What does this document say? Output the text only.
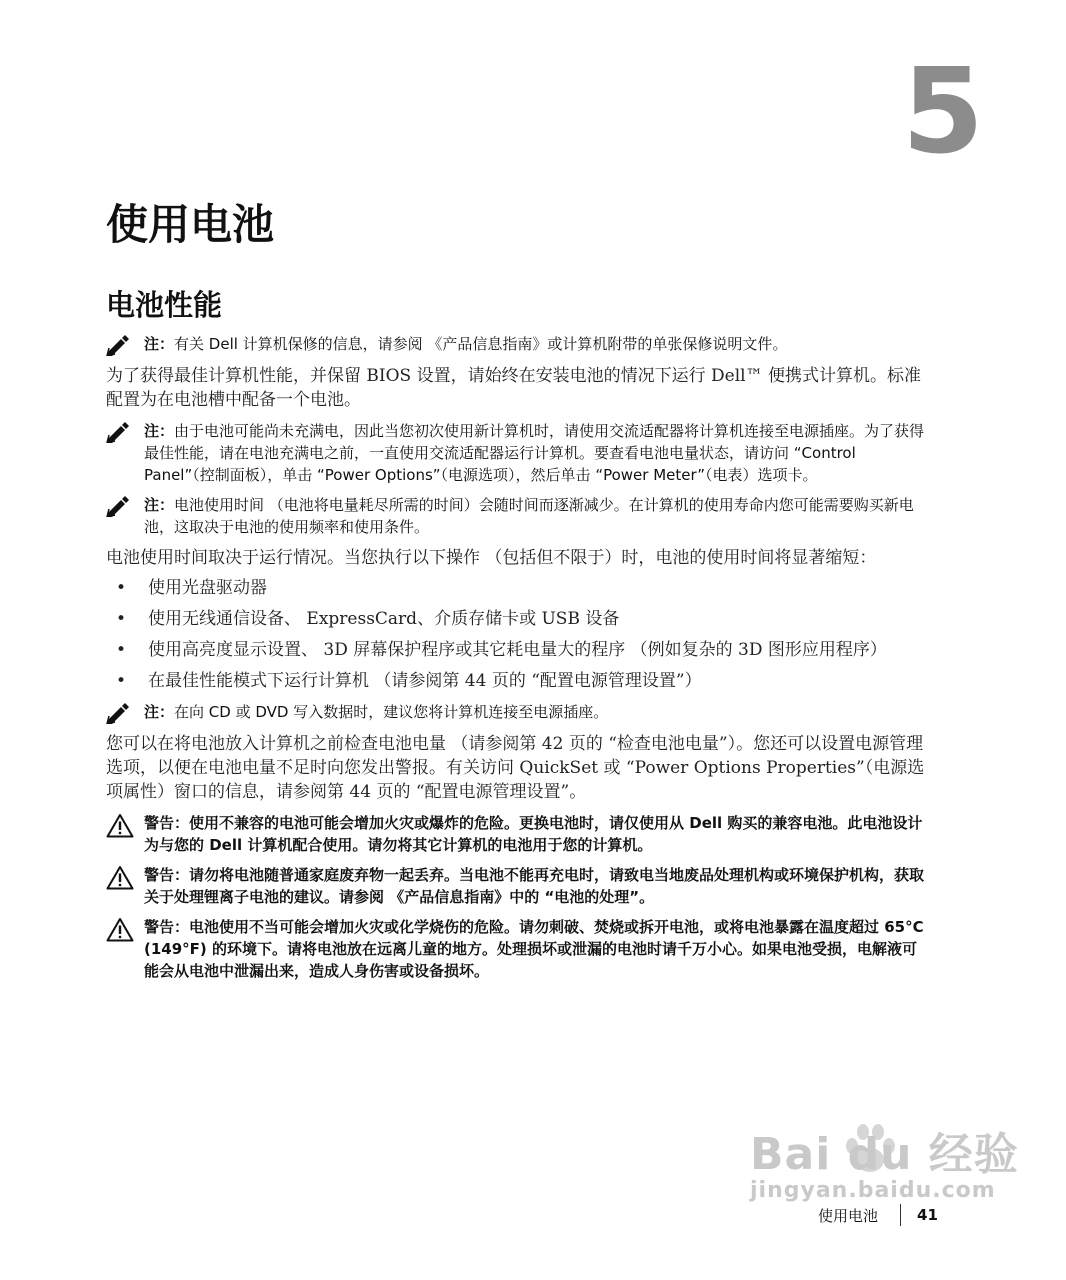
5
使用电池
电池性能
注：有关 Dell 计算机保修的信息，请参阅 《产品信息指南》或计算机附带的单张保修说明文件。

为了获得最佳计算机性能，并保留 BIOS 设置，请始终在安装电池的情况下运行 Dell™ 便携式计算机。标准配置为在电池槽中配备一个电池。

注：由于电池可能尚未充满电，因此当您初次使用新计算机时，请使用交流适配器将计算机连接至电源插座。为了获得最佳性能，请在电池充满电之前，一直使用交流适配器运行计算机。要查看电池电量状态，请访问 “Control Panel”（控制面板），单击 “Power Options”（电源选项），然后单击 “Power Meter”（电表）选项卡。
注：电池使用时间 （电池将电量耗尽所需的时间）会随时间而逐渐减少。在计算机的使用寿命内您可能需要购买新电池，这取决于电池的使用频率和使用条件。

电池使用时间取决于运行情况。当您执行以下操作 （包括但不限于）时，电池的使用时间将显著缩短：

• 使用光盘驱动器
• 使用无线通信设备、 ExpressCard、介质存储卡或 USB 设备
• 使用高亮度显示设置、 3D 屏幕保护程序或其它耗电量大的程序 （例如复杂的 3D 图形应用程序）
• 在最佳性能模式下运行计算机 （请参阅第 44 页的 “配置电源管理设置”）
注：在向 CD 或 DVD 写入数据时，建议您将计算机连接至电源插座。

您可以在将电池放入计算机之前检查电池电量 （请参阅第 42 页的 “检查电池电量”）。您还可以设置电源管理选项，以便在电池电量不足时向您发出警报。有关访问 QuickSet 或 “Power Options Properties”（电源选项属性）窗口的信息，请参阅第 44 页的 “配置电源管理设置”。

警告：使用不兼容的电池可能会增加火灾或爆炸的危险。更换电池时，请仅使用从 Dell 购买的兼容电池。此电池设计为与您的 Dell 计算机配合使用。请勿将其它计算机的电池用于您的计算机。
警告：请勿将电池随普通家庭废弃物一起丢弃。当电池不能再充电时，请致电当地废品处理机构或环境保护机构，获取关于处理锂离子电池的建议。请参阅 《产品信息指南》中的 “电池的处理”。
警告：电池使用不当可能会增加火灾或化学烧伤的危险。请勿刺破、焚烧或拆开电池，或将电池暴露在温度超过 65°C (149°F) 的环境下。请将电池放在远离儿童的地方。处理损坏或泄漏的电池时请千万小心。如果电池受损，电解液可能会从电池中泄漏出来，造成人身伤害或设备损坏。
Bai du 经验
jingyan.baidu.com
使用电池	41
